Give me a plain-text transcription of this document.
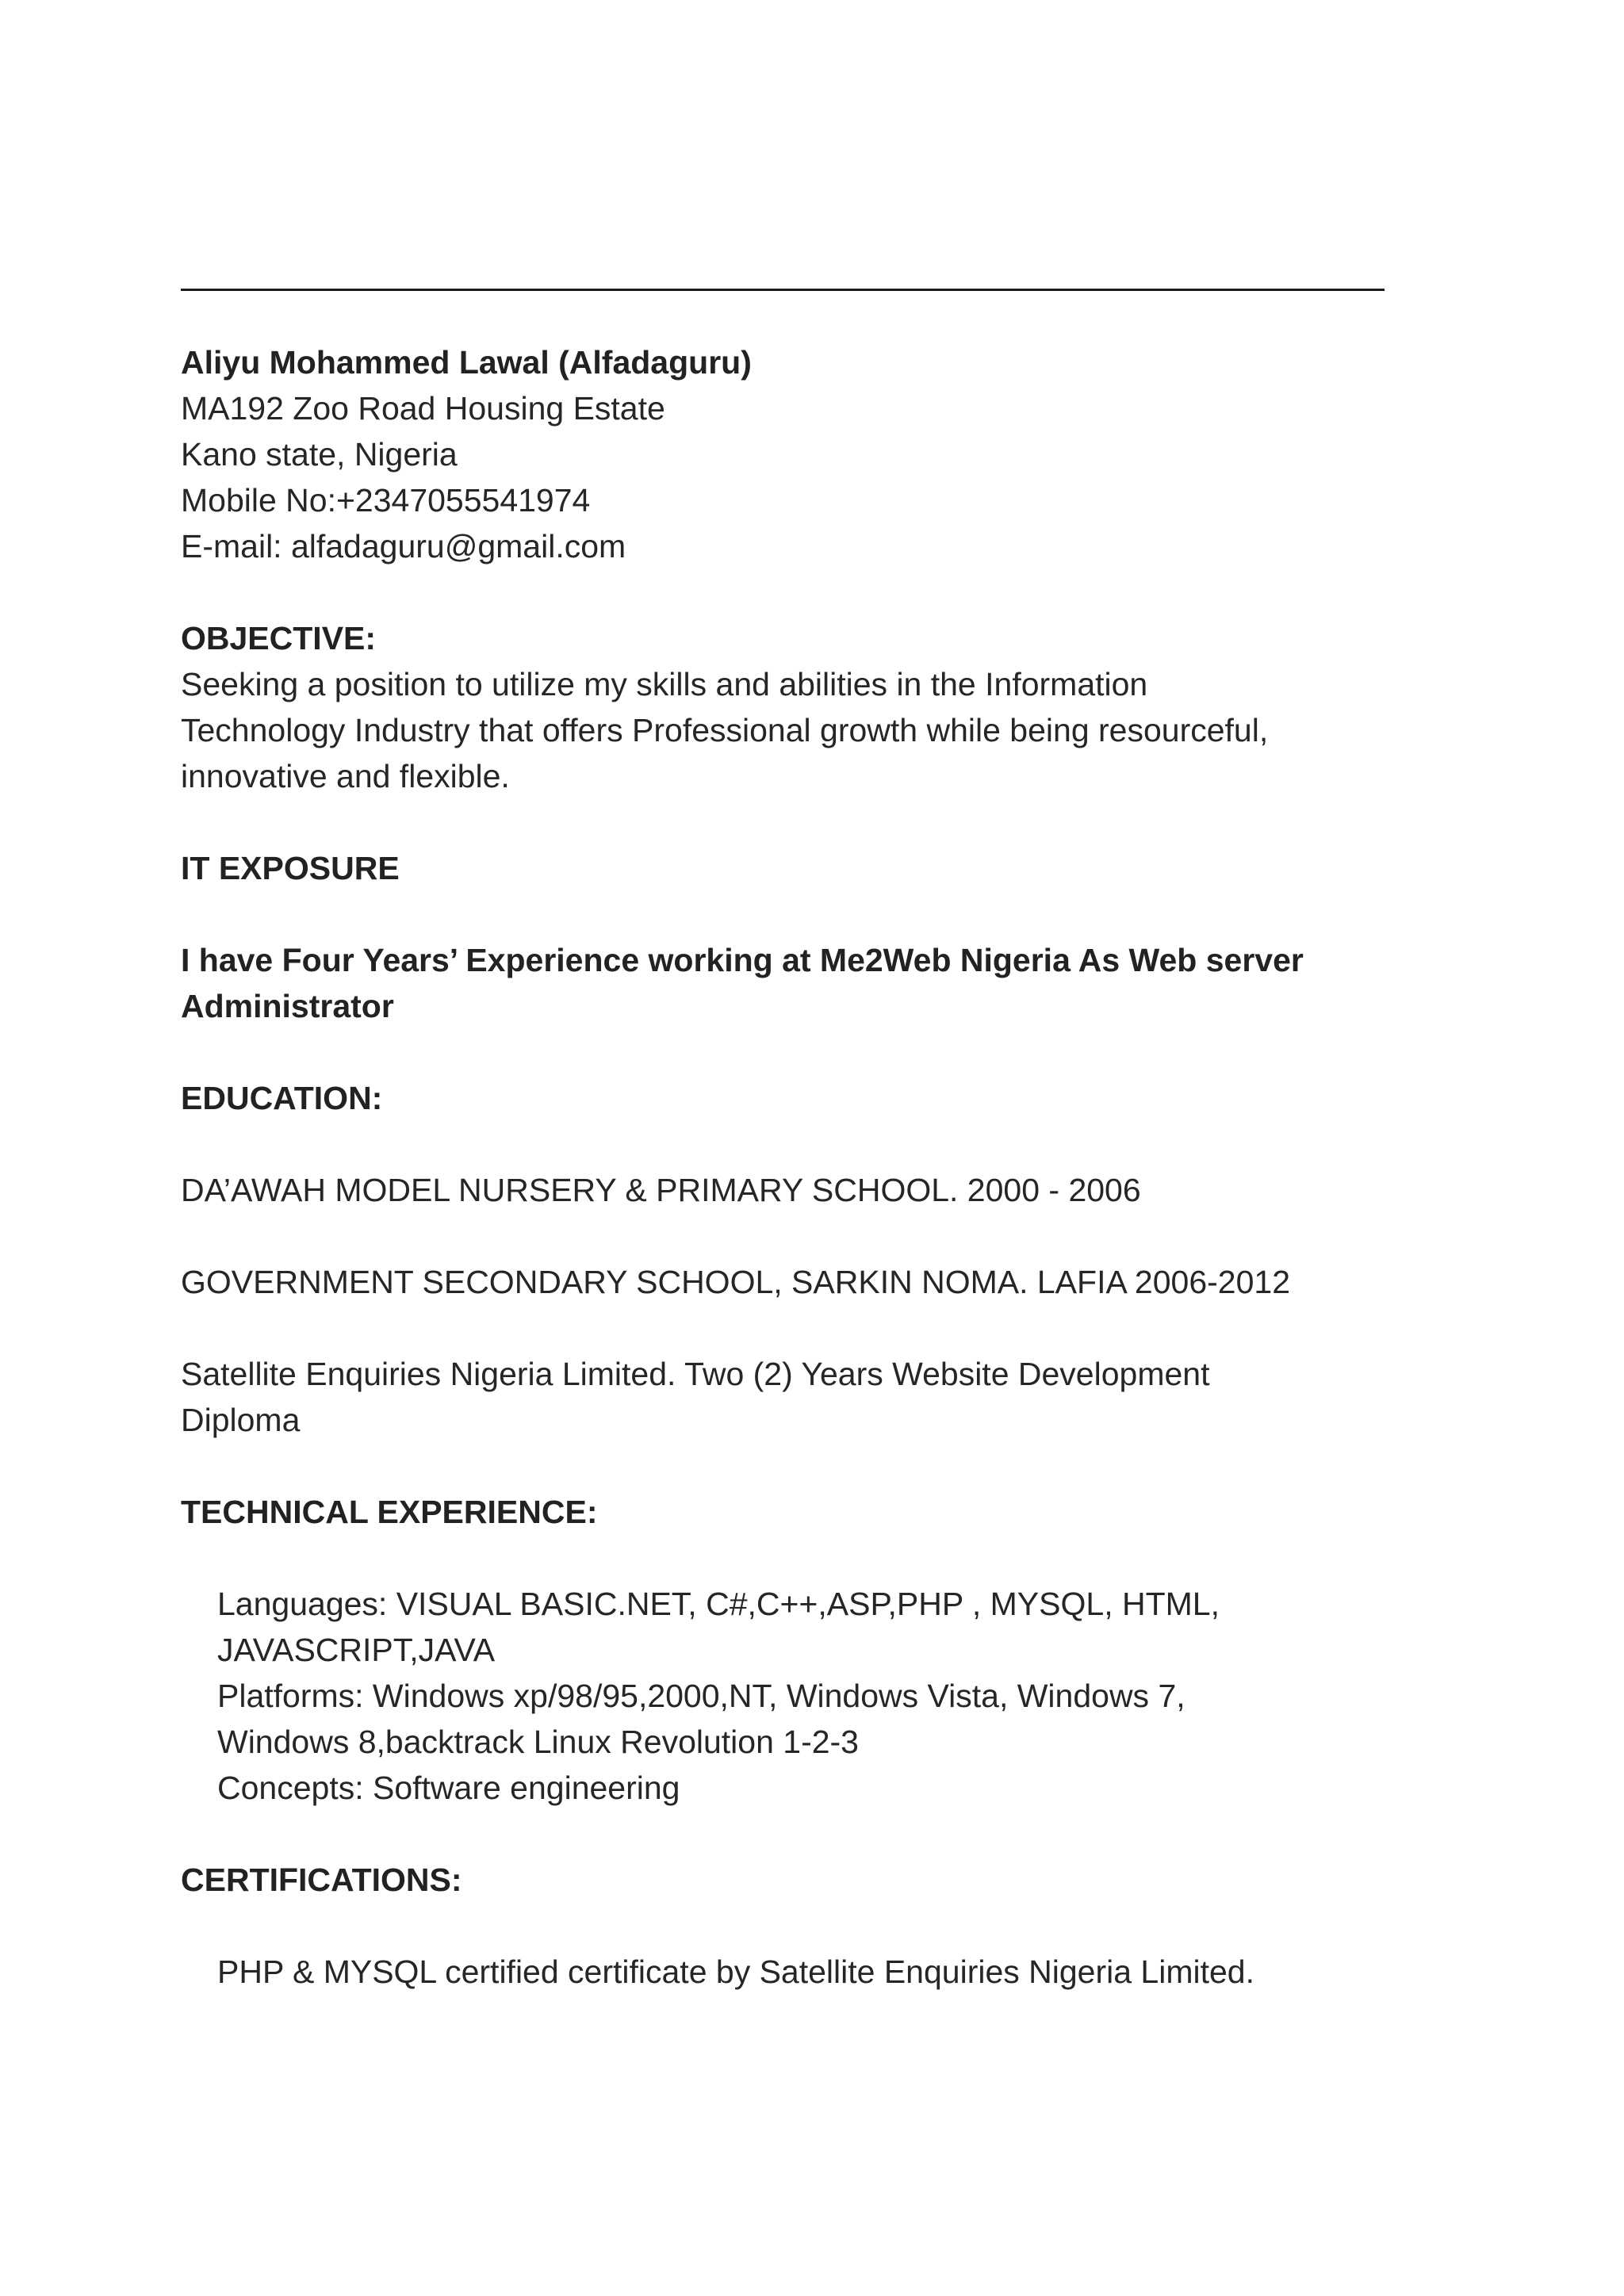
Aliyu Mohammed Lawal (Alfadaguru)
MA192 Zoo Road Housing Estate
Kano state, Nigeria
Mobile No:+2347055541974
E-mail: alfadaguru@gmail.com
OBJECTIVE:
Seeking a position to utilize my skills and abilities in the Information
Technology Industry that offers Professional growth while being resourceful,
innovative and flexible.
IT EXPOSURE
I have Four Years’ Experience working at Me2Web Nigeria As Web server
Administrator
EDUCATION:
DA’AWAH MODEL NURSERY & PRIMARY SCHOOL. 2000 - 2006
GOVERNMENT SECONDARY SCHOOL, SARKIN NOMA. LAFIA 2006-2012
Satellite Enquiries Nigeria Limited. Two (2) Years Website Development
Diploma
TECHNICAL EXPERIENCE:
Languages: VISUAL BASIC.NET, C#,C++,ASP,PHP , MYSQL, HTML,
JAVASCRIPT,JAVA
Platforms: Windows xp/98/95,2000,NT, Windows Vista, Windows 7,
Windows 8,backtrack Linux Revolution 1-2-3
Concepts: Software engineering
CERTIFICATIONS:
PHP & MYSQL certified certificate by Satellite Enquiries Nigeria Limited.
